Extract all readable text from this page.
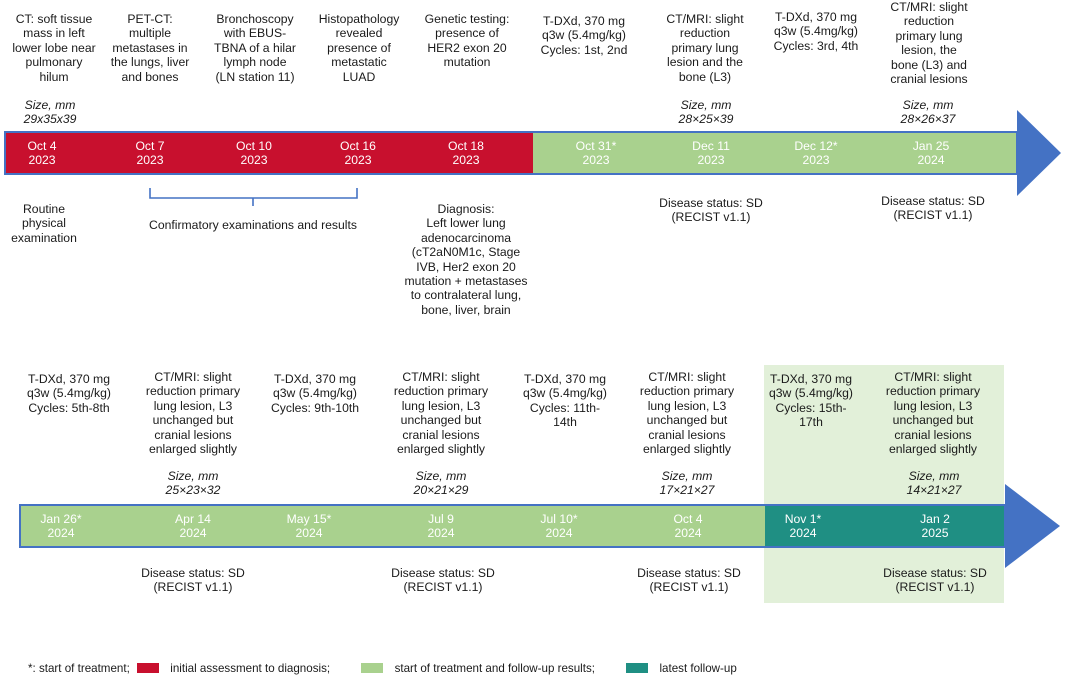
CT: soft tissue
mass in left
lower lobe near
pulmonary
hilum
PET-CT:
multiple
metastases in
the lungs, liver
and bones
Bronchoscopy
with EBUS-
TBNA of a hilar
lymph node
(LN station 11)
Histopathology
revealed
presence of
metastatic
LUAD
Genetic testing:
presence of
HER2 exon 20
mutation
T-DXd, 370 mg
q3w (5.4mg/kg)
Cycles: 1st, 2nd
CT/MRI: slight
reduction
primary lung
lesion and the
bone (L3)
T-DXd, 370 mg
q3w (5.4mg/kg)
Cycles: 3rd, 4th
CT/MRI: slight
reduction
primary lung
lesion, the
bone (L3) and
cranial lesions
Size, mm
29x35x39
Size, mm
28×25×39
Size, mm
28×26×37
Oct 4
2023
Oct 7
2023
Oct 10
2023
Oct 16
2023
Oct 18
2023
Oct 31*
2023
Dec 11
2023
Dec 12*
2023
Jan 25
2024
Routine
physical
examination
Confirmatory examinations and results
Diagnosis:
Left lower lung
adenocarcinoma
(cT2aN0M1c, Stage
IVB, Her2 exon 20
mutation + metastases
to contralateral lung,
bone, liver, brain
Disease status: SD
(RECIST v1.1)
Disease status: SD
(RECIST v1.1)
T-DXd, 370 mg
q3w (5.4mg/kg)
Cycles: 5th-8th
CT/MRI: slight
reduction primary
lung lesion, L3
unchanged but
cranial lesions
enlarged slightly
T-DXd, 370 mg
q3w (5.4mg/kg)
Cycles: 9th-10th
CT/MRI: slight
reduction primary
lung lesion, L3
unchanged but
cranial lesions
enlarged slightly
T-DXd, 370 mg
q3w (5.4mg/kg)
Cycles: 11th-
14th
CT/MRI: slight
reduction primary
lung lesion, L3
unchanged but
cranial lesions
enlarged slightly
T-DXd, 370 mg
q3w (5.4mg/kg)
Cycles: 15th-
17th
CT/MRI: slight
reduction primary
lung lesion, L3
unchanged but
cranial lesions
enlarged slightly
Size, mm
25×23×32
Size, mm
20×21×29
Size, mm
17×21×27
Size, mm
14×21×27
Jan 26*
2024
Apr 14
2024
May 15*
2024
Jul 9
2024
Jul 10*
2024
Oct 4
2024
Nov 1*
2024
Jan 2
2025
Disease status: SD
(RECIST v1.1)
Disease status: SD
(RECIST v1.1)
Disease status: SD
(RECIST v1.1)
Disease status: SD
(RECIST v1.1)
*: start of treatment;	initial assessment to diagnosis;	start of treatment and follow-up results;	latest follow-up
